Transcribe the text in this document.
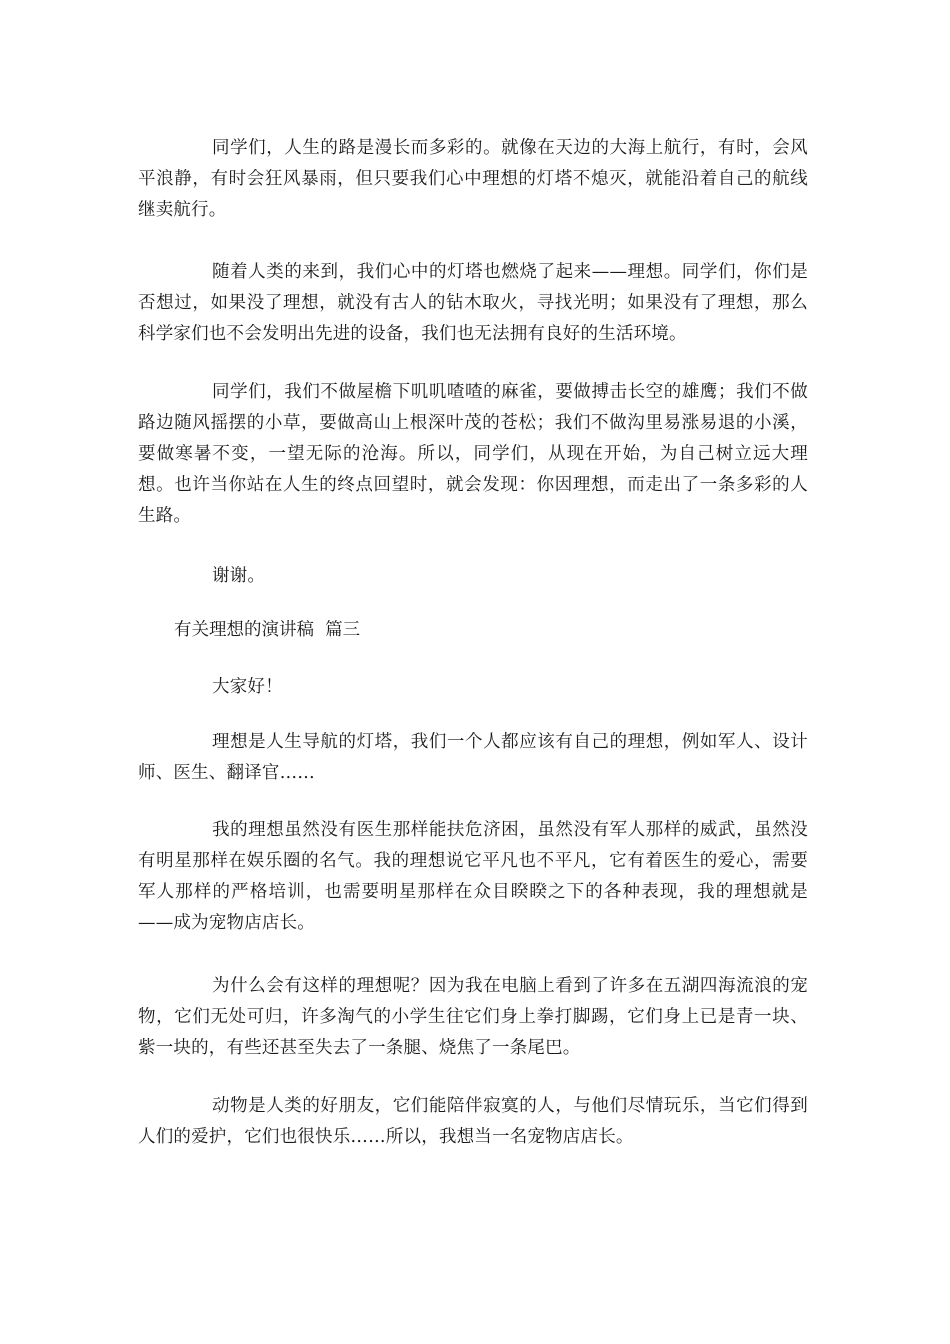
同学们，人生的路是漫长而多彩的。就像在天边的大海上航行，有时，会风平浪静，有时会狂风暴雨，但只要我们心中理想的灯塔不熄灭，就能沿着自己的航线继卖航行。

随着人类的来到，我们心中的灯塔也燃烧了起来——理想。同学们，你们是否想过，如果没了理想，就没有古人的钻木取火，寻找光明；如果没有了理想，那么科学家们也不会发明出先进的设备，我们也无法拥有良好的生活环境。

同学们，我们不做屋檐下叽叽喳喳的麻雀，要做搏击长空的雄鹰；我们不做路边随风摇摆的小草，要做高山上根深叶茂的苍松；我们不做沟里易涨易退的小溪，要做寒暑不变，一望无际的沧海。所以，同学们，从现在开始，为自己树立远大理想。也许当你站在人生的终点回望时，就会发现：你因理想，而走出了一条多彩的人生路。

谢谢。

有关理想的演讲稿  篇三

大家好！

理想是人生导航的灯塔，我们一个人都应该有自己的理想，例如军人、设计师、医生、翻译官……

我的理想虽然没有医生那样能扶危济困，虽然没有军人那样的威武，虽然没有明星那样在娱乐圈的名气。我的理想说它平凡也不平凡，它有着医生的爱心，需要军人那样的严格培训，也需要明星那样在众目睽睽之下的各种表现，我的理想就是——成为宠物店店长。

为什么会有这样的理想呢？因为我在电脑上看到了许多在五湖四海流浪的宠物，它们无处可归，许多淘气的小学生往它们身上拳打脚踢，它们身上已是青一块、紫一块的，有些还甚至失去了一条腿、烧焦了一条尾巴。

动物是人类的好朋友，它们能陪伴寂寞的人，与他们尽情玩乐，当它们得到人们的爱护，它们也很快乐……所以，我想当一名宠物店店长。
